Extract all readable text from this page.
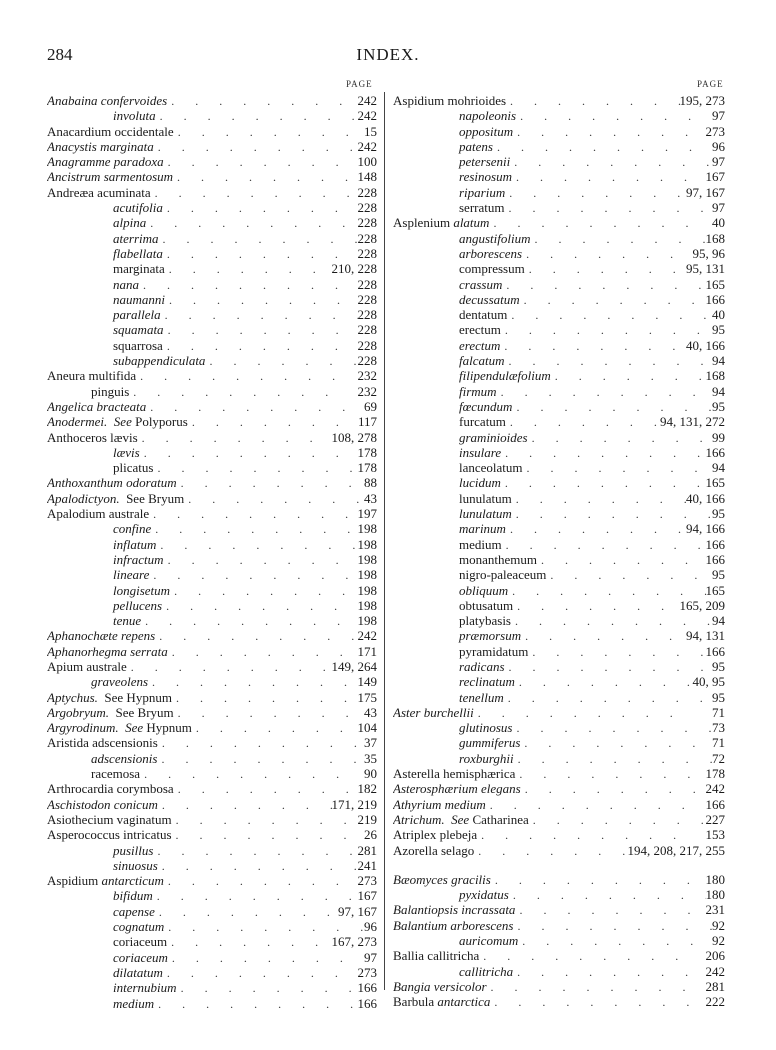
284	INDEX.
PAGE	PAGE
Anabaina confervoides .	242
involuta .	242
Anacardium occidentale .	15
Anacystis marginata .	242
Anagramme paradoxa .	100
Ancistrum sarmentosum .	148
Andreæa acuminata .	228
acutifolia .	228
alpina .	228
aterrima .	228
flabellata .	228
marginata .	210, 228
nana .	228
naumanni .	228
parallela .	228
squamata .	228
squarrosa .	228
subappendiculata .	228
Aneura multifida .	232
pinguis .	232
Angelica bracteata .	69
Anodermei. See Polyporus .	117
Anthoceros lævis .	108, 278
lævis .	178
plicatus .	178
Anthoxanthum odoratum .	88
Apalodictyon.  See Bryum .	43
Apalodium australe .	197
confine .	198
inflatum .	198
infractum .	198
lineare .	198
longisetum .	198
pellucens .	198
tenue .	198
Aphanochæte repens .	242
Aphanorhegma serrata .	171
Apium australe .	149, 264
graveolens .	149
Aptychus.  See Hypnum .	175
Argobryum.  See Bryum .	43
Argyrodinum. See Hypnum .	104
Aristida adscensionis .	37
adscensionis .	35
racemosa .	90
Arthrocardia corymbosa .	182
Aschistodon conicum .	171, 219
Asiothecium vaginatum .	219
Asperococcus intricatus .	26
pusillus .	281
sinuosus .	241
Aspidium antarcticum .	273
bifidum .	167
capense .	97, 167
cognatum .	96
coriaceum .	167, 273
coriaceum .	97
dilatatum .	273
internubium .	166
medium .	166
Aspidium mohrioides .	195, 273
napoleonis .	97
oppositum .	273
patens .	96
petersenii .	97
resinosum .	167
riparium .	97, 167
serratum .	97
Asplenium alatum .	40
angustifolium .	168
arborescens .	95, 96
compressum .	95, 131
crassum .	165
decussatum .	166
dentatum .	40
erectum .	95
erectum .	40, 166
falcatum .	94
filipendulæfolium .	168
firmum .	94
fœcundum .	95
furcatum .	94, 131, 272
graminioides .	99
insulare .	166
lanceolatum .	94
lucidum .	165
lunulatum .	40, 166
lunulatum .	95
marinum .	94, 166
medium .	166
monanthemum .	166
nigro-paleaceum .	95
obliquum .	165
obtusatum .	165, 209
platybasis .	94
præmorsum .	94, 131
pyramidatum .	166
radicans .	95
reclinatum .	40, 95
tenellum .	95
Aster burchellii .	71
glutinosus .	73
gummiferus .	71
roxburghii .	72
Asterella hemisphærica .	178
Asterosphærium elegans .	242
Athyrium medium .	166
Atrichum. See Catharinea .	227
Atriplex plebeja .	153
Azorella selago .	194, 208, 217, 255
Bæomyces gracilis .	180
pyxidatus .	180
Balantiopsis incrassata .	231
Balantium arborescens .	92
auricomum .	92
Ballia callitricha .	206
callitricha .	242
Bangia versicolor .	281
Barbula antarctica .	222
